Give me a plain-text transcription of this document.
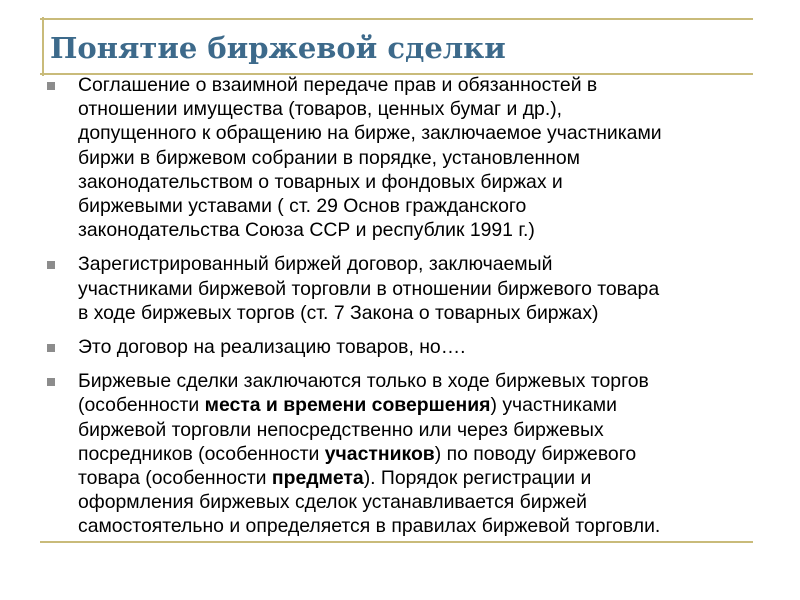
Понятие биржевой сделки
Соглашение о взаимной передаче прав и обязанностей в
отношении имущества (товаров, ценных бумаг и др.),
допущенного к обращению на бирже, заключаемое участниками
биржи в биржевом собрании в порядке, установленном
законодательством о товарных и фондовых биржах и
биржевыми уставами ( ст. 29 Основ гражданского
законодательства Союза ССР и республик 1991 г.)
Зарегистрированный биржей договор, заключаемый
участниками биржевой торговли в отношении биржевого товара
в ходе биржевых торгов (ст. 7 Закона о товарных биржах)
Это договор на реализацию товаров, но….
Биржевые сделки заключаются только в ходе биржевых торгов
(особенности места и времени совершения) участниками
биржевой торговли непосредственно или через биржевых
посредников (особенности участников) по поводу биржевого
товара (особенности предмета). Порядок регистрации и
оформления биржевых сделок устанавливается биржей
самостоятельно и определяется в правилах биржевой торговли.
